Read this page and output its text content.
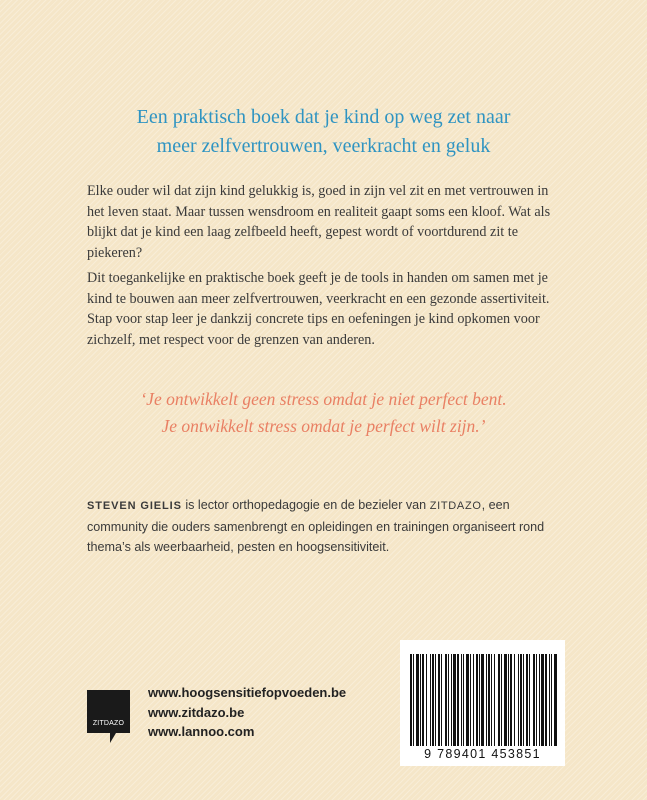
Een praktisch boek dat je kind op weg zet naar
meer zelfvertrouwen, veerkracht en geluk

Elke ouder wil dat zijn kind gelukkig is, goed in zijn vel zit en met vertrouwen in het leven staat. Maar tussen wensdroom en realiteit gaapt soms een kloof. Wat als blijkt dat je kind een laag zelfbeeld heeft, gepest wordt of voortdurend zit te piekeren?

Dit toegankelijke en praktische boek geeft je de tools in handen om samen met je kind te bouwen aan meer zelfvertrouwen, veerkracht en een gezonde assertiviteit. Stap voor stap leer je dankzij concrete tips en oefeningen je kind opkomen voor zichzelf, met respect voor de grenzen van anderen.

‘Je ontwikkelt geen stress omdat je niet perfect bent.
Je ontwikkelt stress omdat je perfect wilt zijn.’

STEVEN GIELIS is lector orthopedagogie en de bezieler van ZITDAZO, een community die ouders samenbrengt en opleidingen en trainingen organiseert rond thema’s als weerbaarheid, pesten en hoogsensitiviteit.

ZITDAZO
www.hoogsensitiefopvoeden.be
www.zitdazo.be
www.lannoo.com
9 789401 453851
